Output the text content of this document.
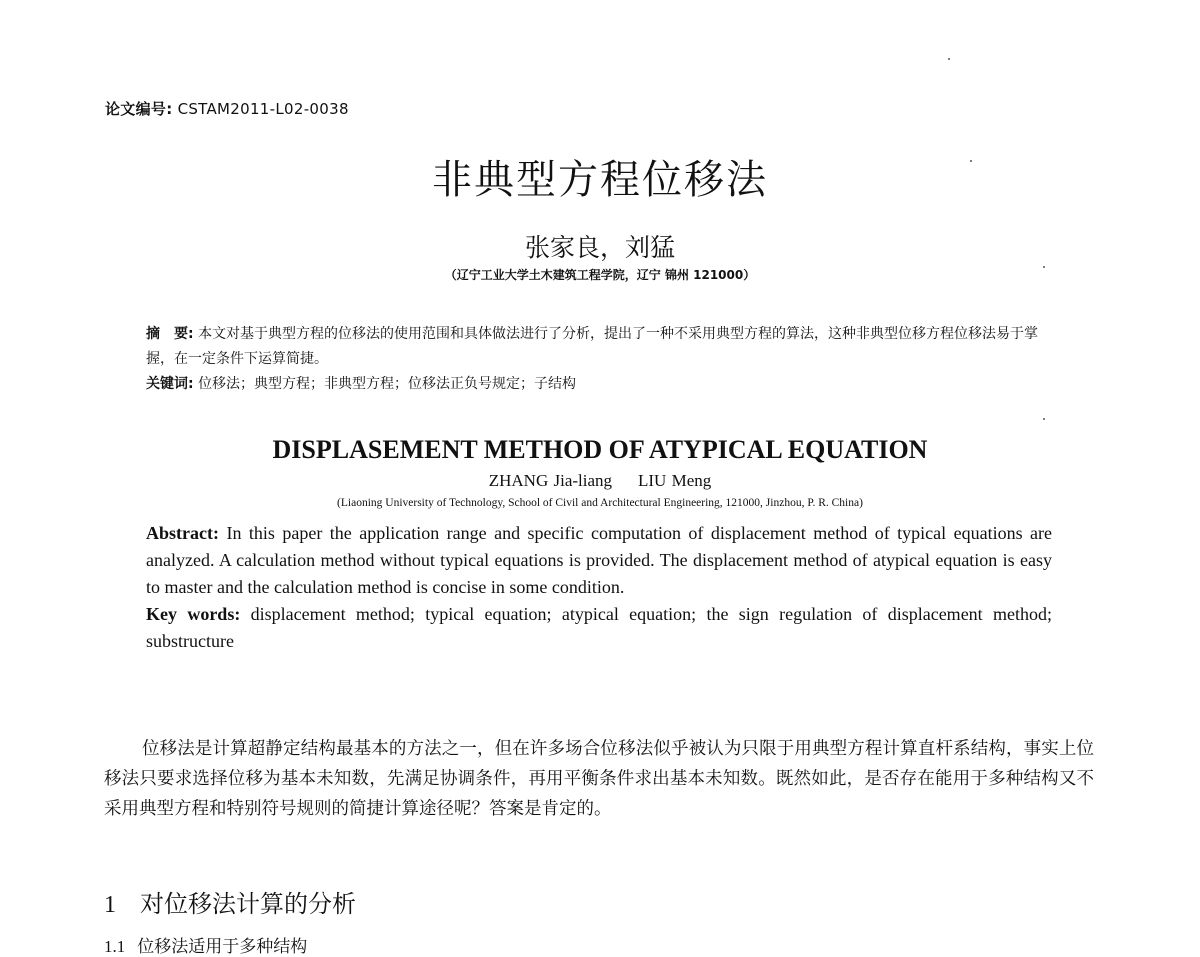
论文编号: CSTAM2011-L02-0038
非典型方程位移法
张家良，刘猛
（辽宁工业大学土木建筑工程学院，辽宁 锦州 121000）
摘　要: 本文对基于典型方程的位移法的使用范围和具体做法进行了分析，提出了一种不采用典型方程的算法，这种非典型位移方程位移法易于掌握，在一定条件下运算简捷。
关键词: 位移法；典型方程；非典型方程；位移法正负号规定；子结构
DISPLASEMENT METHOD OF ATYPICAL EQUATION
ZHANG Jia-liang LIU Meng
(Liaoning University of Technology, School of Civil and Architectural Engineering, 121000, Jinzhou, P. R. China)

Abstract: In this paper the application range and specific computation of displacement method of typical equations are analyzed. A calculation method without typical equations is provided. The displacement method of atypical equation is easy to master and the calculation method is concise in some condition.

Key words: displacement method; typical equation; atypical equation; the sign regulation of displacement method; substructure

位移法是计算超静定结构最基本的方法之一，但在许多场合位移法似乎被认为只限于用典型方程计算直杆系结构，事实上位移法只要求选择位移为基本未知数，先满足协调条件，再用平衡条件求出基本未知数。既然如此，是否存在能用于多种结构又不采用典型方程和特别符号规则的简捷计算途径呢？答案是肯定的。

1 对位移法计算的分析
1.1 位移法适用于多种结构
